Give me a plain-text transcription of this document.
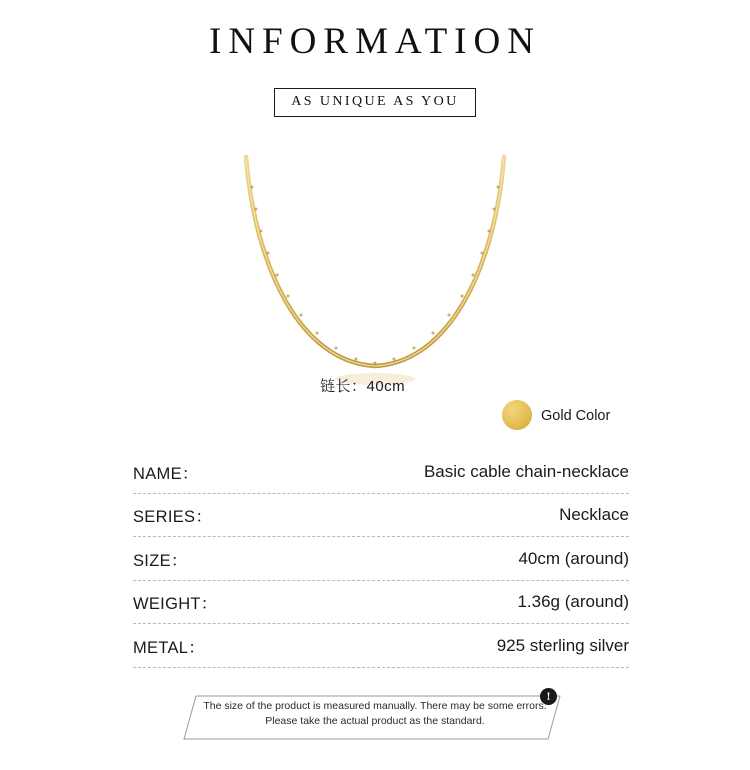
INFORMATION
AS UNIQUE AS YOU
链长：40cm
Gold Color
NAME：	Basic cable chain-necklace
SERIES：	Necklace
SIZE：	40cm (around)
WEIGHT：	1.36g (around)
METAL：	925 sterling silver
!
The size of the product is measured manually. There may be some errors.
Please take the actual product as the standard.
